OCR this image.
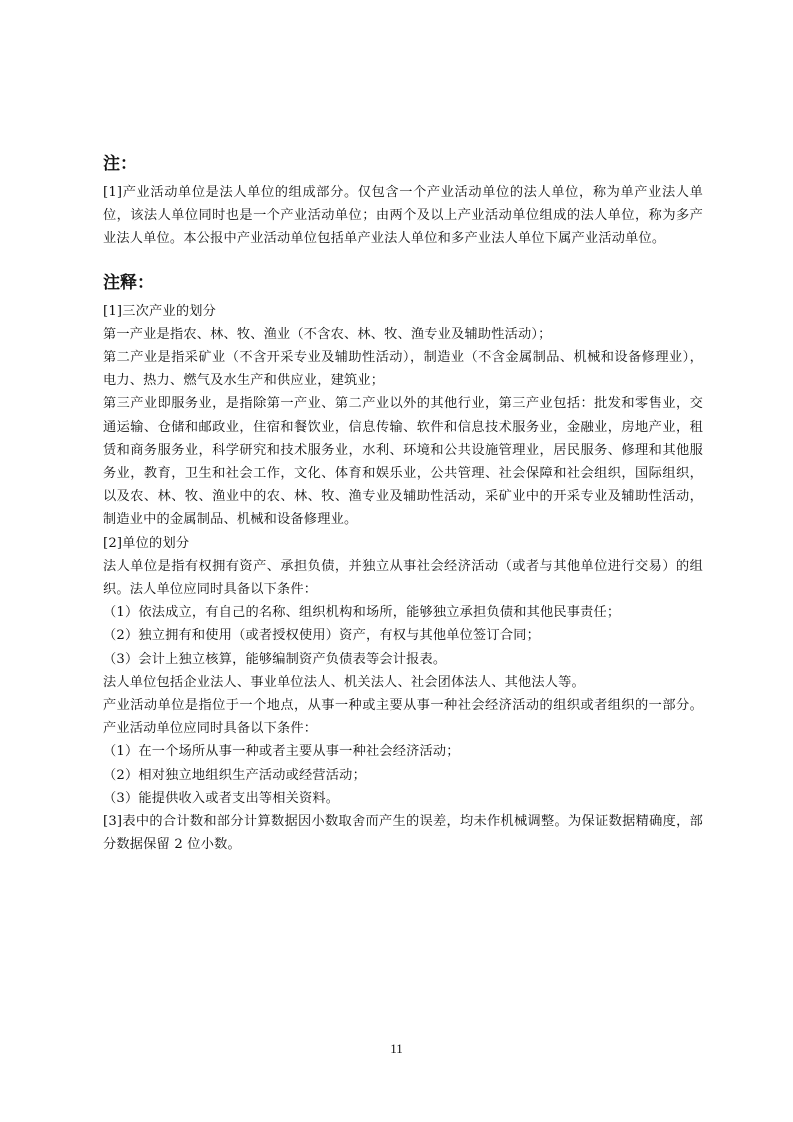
注：

[1]产业活动单位是法人单位的组成部分。仅包含一个产业活动单位的法人单位，称为单产业法人单位，该法人单位同时也是一个产业活动单位；由两个及以上产业活动单位组成的法人单位，称为多产业法人单位。本公报中产业活动单位包括单产业法人单位和多产业法人单位下属产业活动单位。

注释：

[1]三次产业的划分

第一产业是指农、林、牧、渔业（不含农、林、牧、渔专业及辅助性活动）；

第二产业是指采矿业（不含开采专业及辅助性活动），制造业（不含金属制品、机械和设备修理业），电力、热力、燃气及水生产和供应业，建筑业；

第三产业即服务业，是指除第一产业、第二产业以外的其他行业，第三产业包括：批发和零售业，交通运输、仓储和邮政业，住宿和餐饮业，信息传输、软件和信息技术服务业，金融业，房地产业，租赁和商务服务业，科学研究和技术服务业，水利、环境和公共设施管理业，居民服务、修理和其他服务业，教育，卫生和社会工作，文化、体育和娱乐业，公共管理、社会保障和社会组织，国际组织，以及农、林、牧、渔业中的农、林、牧、渔专业及辅助性活动，采矿业中的开采专业及辅助性活动，制造业中的金属制品、机械和设备修理业。

[2]单位的划分

法人单位是指有权拥有资产、承担负债，并独立从事社会经济活动（或者与其他单位进行交易）的组织。法人单位应同时具备以下条件：

（1）依法成立，有自己的名称、组织机构和场所，能够独立承担负债和其他民事责任；

（2）独立拥有和使用（或者授权使用）资产，有权与其他单位签订合同；

（3）会计上独立核算，能够编制资产负债表等会计报表。

法人单位包括企业法人、事业单位法人、机关法人、社会团体法人、其他法人等。

产业活动单位是指位于一个地点，从事一种或主要从事一种社会经济活动的组织或者组织的一部分。产业活动单位应同时具备以下条件：

（1）在一个场所从事一种或者主要从事一种社会经济活动；

（2）相对独立地组织生产活动或经营活动；

（3）能提供收入或者支出等相关资料。

[3]表中的合计数和部分计算数据因小数取舍而产生的误差，均未作机械调整。为保证数据精确度，部分数据保留 2 位小数。

11
